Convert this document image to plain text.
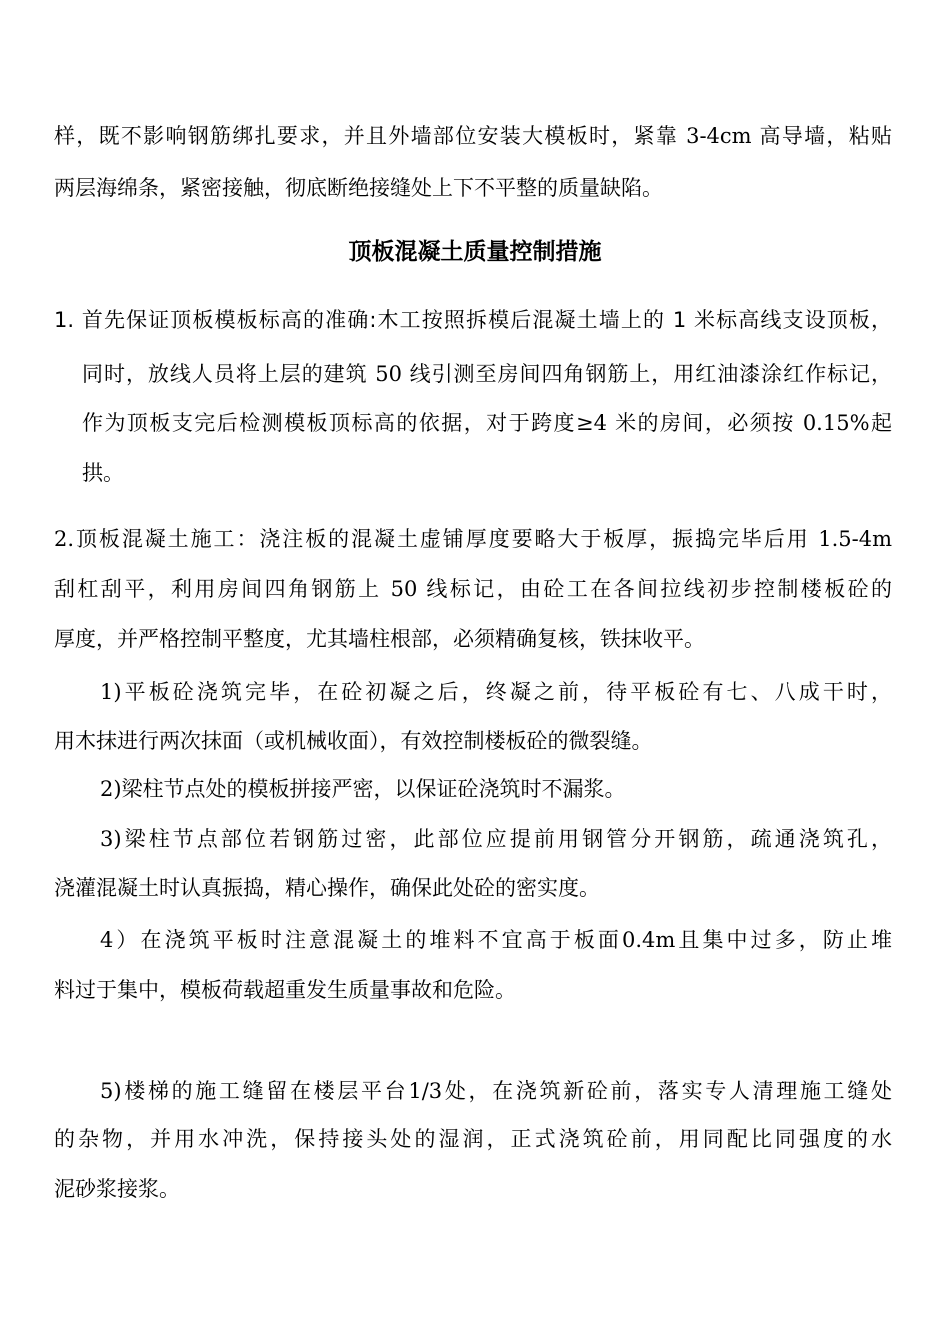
样，既不影响钢筋绑扎要求，并且外墙部位安装大模板时，紧靠 3-4cm 高导墙，粘贴

两层海绵条，紧密接触，彻底断绝接缝处上下不平整的质量缺陷。

顶板混凝土质量控制措施

1. 首先保证顶板模板标高的准确:木工按照拆模后混凝土墙上的 1 米标高线支设顶板，

同时，放线人员将上层的建筑 50 线引测至房间四角钢筋上，用红油漆涂红作标记，

作为顶板支完后检测模板顶标高的依据，对于跨度≥4 米的房间，必须按 0.15%起

拱。

2.顶板混凝土施工：浇注板的混凝土虚铺厚度要略大于板厚，振捣完毕后用 1.5-4m

刮杠刮平，利用房间四角钢筋上 50 线标记，由砼工在各间拉线初步控制楼板砼的

厚度，并严格控制平整度，尤其墙柱根部，必须精确复核，铁抹收平。

1)平板砼浇筑完毕，在砼初凝之后，终凝之前，待平板砼有七、八成干时，

用木抹进行两次抹面（或机械收面），有效控制楼板砼的微裂缝。

2)梁柱节点处的模板拼接严密，以保证砼浇筑时不漏浆。

3)梁柱节点部位若钢筋过密，此部位应提前用钢管分开钢筋，疏通浇筑孔，

浇灌混凝土时认真振捣，精心操作，确保此处砼的密实度。

4）在浇筑平板时注意混凝土的堆料不宜高于板面0.4m且集中过多，防止堆

料过于集中，模板荷载超重发生质量事故和危险。

5)楼梯的施工缝留在楼层平台1/3处，在浇筑新砼前，落实专人清理施工缝处

的杂物，并用水冲洗，保持接头处的湿润，正式浇筑砼前，用同配比同强度的水

泥砂浆接浆。
